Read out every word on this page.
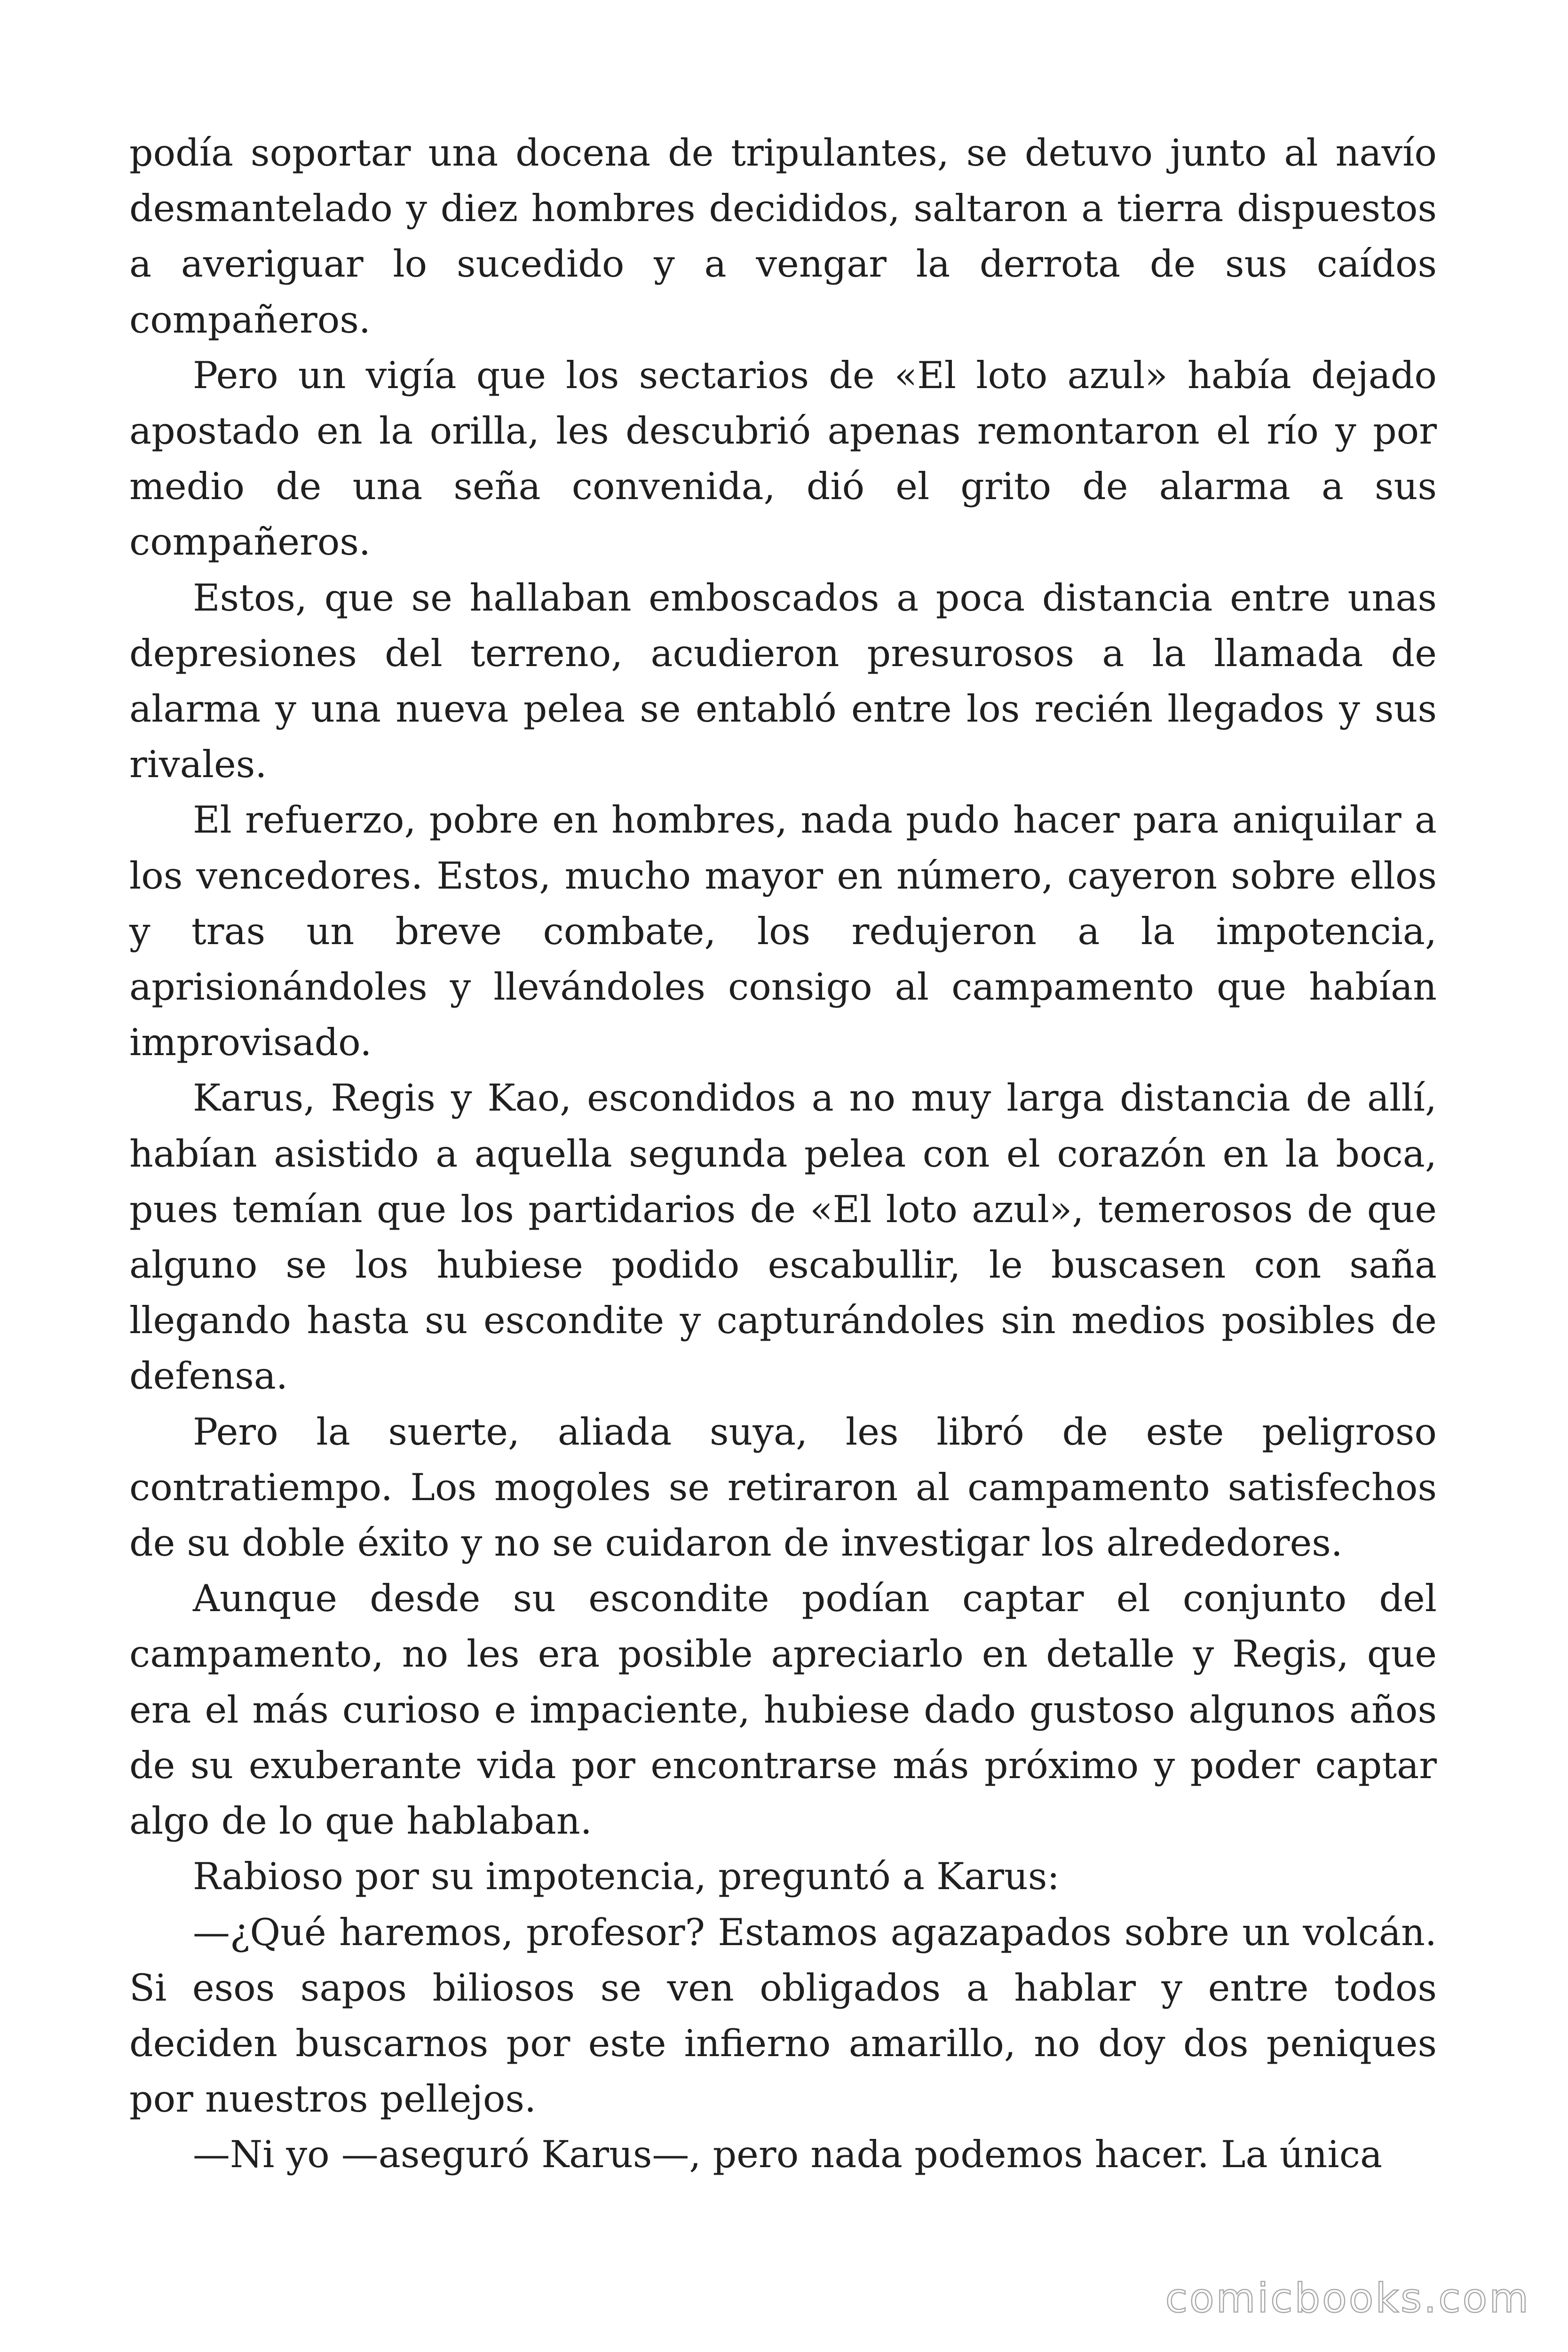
podía soportar una docena de tripulantes, se detuvo junto al navío desmantelado y diez hombres decididos, saltaron a tierra dispuestos a averiguar lo sucedido y a vengar la derrota de sus caídos compañeros.

Pero un vigía que los sectarios de «El loto azul» había dejado apostado en la orilla, les descubrió apenas remontaron el río y por medio de una seña convenida, dió el grito de alarma a sus compañeros.

Estos, que se hallaban emboscados a poca distancia entre unas depresiones del terreno, acudieron presurosos a la llamada de alarma y una nueva pelea se entabló entre los recién llegados y sus rivales.

El refuerzo, pobre en hombres, nada pudo hacer para aniquilar a los vencedores. Estos, mucho mayor en número, cayeron sobre ellos y tras un breve combate, los redujeron a la impotencia, aprisionándoles y llevándoles consigo al campamento que habían improvisado.

Karus, Regis y Kao, escondidos a no muy larga distancia de allí, habían asistido a aquella segunda pelea con el corazón en la boca, pues temían que los partidarios de «El loto azul», temerosos de que alguno se los hubiese podido escabullir, le buscasen con saña llegando hasta su escondite y capturándoles sin medios posibles de defensa.

Pero la suerte, aliada suya, les libró de este peligroso contratiempo. Los mogoles se retiraron al campamento satisfechos de su doble éxito y no se cuidaron de investigar los alrededores.

Aunque desde su escondite podían captar el conjunto del campamento, no les era posible apreciarlo en detalle y Regis, que era el más curioso e impaciente, hubiese dado gustoso algunos años de su exuberante vida por encontrarse más próximo y poder captar algo de lo que hablaban.

Rabioso por su impotencia, preguntó a Karus:

—¿Qué haremos, profesor? Estamos agazapados sobre un volcán. Si esos sapos biliosos se ven obligados a hablar y entre todos deciden buscarnos por este infierno amarillo, no doy dos peniques por nuestros pellejos.

—Ni yo —aseguró Karus—, pero nada podemos hacer. La única

comicbooks.com
